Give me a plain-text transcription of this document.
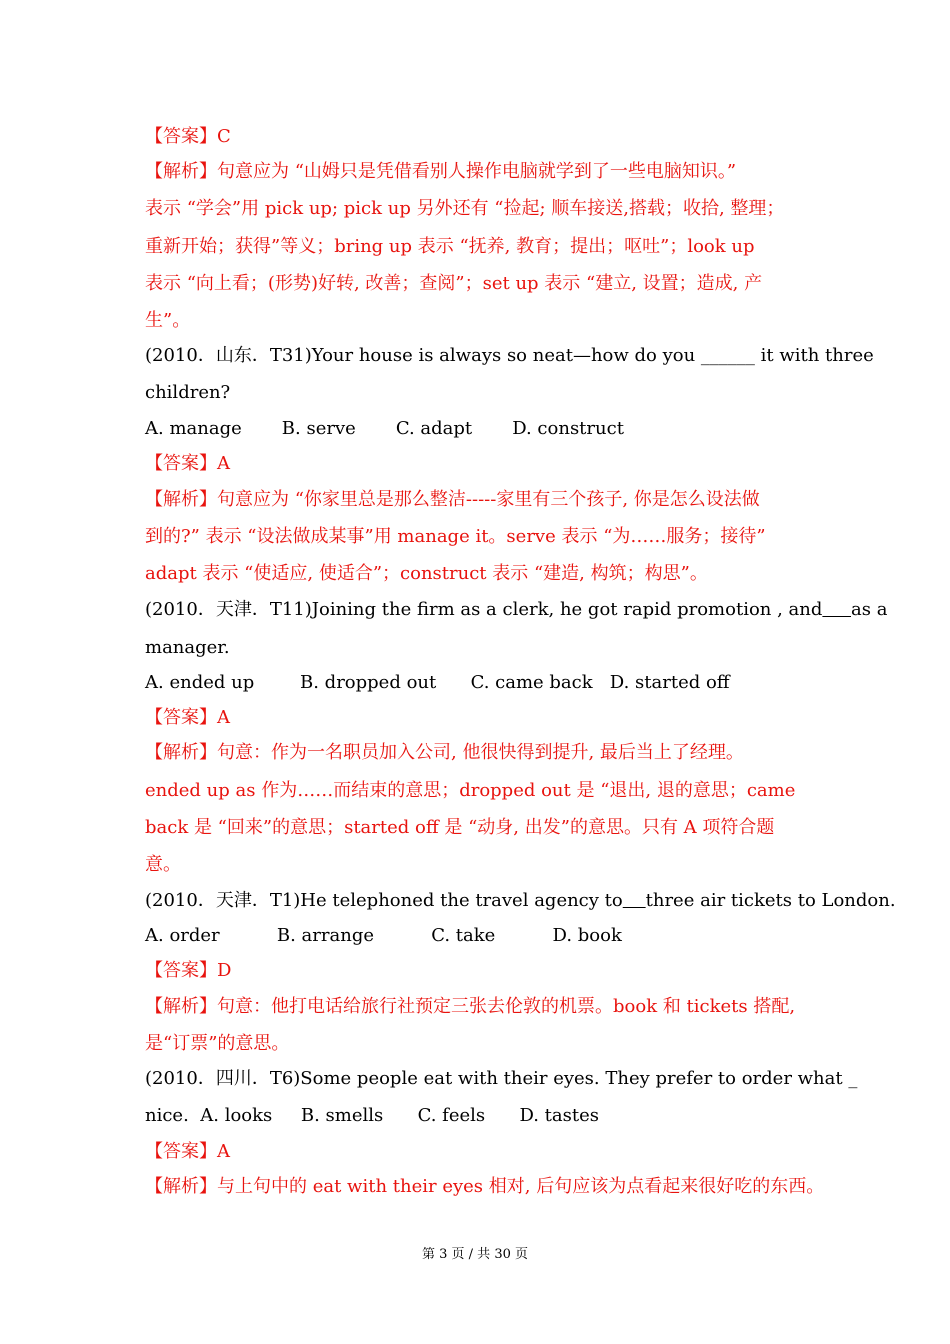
【答案】C
【解析】句意应为 “山姆只是凭借看别人操作电脑就学到了一些电脑知识。”
表示 “学会”用 pick up; pick up 另外还有 “捡起; 顺车接送,搭载；收拾, 整理；
重新开始；获得”等义；bring up 表示 “抚养, 教育；提出；呕吐”；look up
表示 “向上看；(形势)好转, 改善；查阅”；set up 表示 “建立, 设置；造成, 产
生”。
(2010．山东．T31)Your house is always so neat—how do you ______ it with three
children?
A. manage       B. serve       C. adapt       D. construct
【答案】A
【解析】句意应为 “你家里总是那么整洁-----家里有三个孩子, 你是怎么设法做
到的?” 表示 “设法做成某事”用 manage it。serve 表示 “为……服务；接待”
adapt 表示 “使适应, 使适合”；construct 表示 “建造, 构筑；构思”。
(2010．天津．T11)Joining the firm as a clerk, he got rapid promotion , and as a
manager.
A. ended up        B. dropped out      C. came back   D. started off
【答案】A
【解析】句意：作为一名职员加入公司, 他很快得到提升, 最后当上了经理。
ended up as 作为……而结束的意思；dropped out 是 “退出, 退的意思；came
back 是 “回来”的意思；started off 是 “动身, 出发”的意思。只有 A 项符合题
意。
(2010．天津．T1)He telephoned the travel agency to three air tickets to London.
A. order          B. arrange          C. take          D. book
【答案】D
【解析】句意：他打电话给旅行社预定三张去伦敦的机票。book 和 tickets 搭配,
是“订票”的意思。
(2010．四川．T6)Some people eat with their eyes. They prefer to order what _
nice.  A. looks     B. smells      C. feels      D. tastes
【答案】A
【解析】与上句中的 eat with their eyes 相对, 后句应该为点看起来很好吃的东西。
第 3 页 / 共 30 页
